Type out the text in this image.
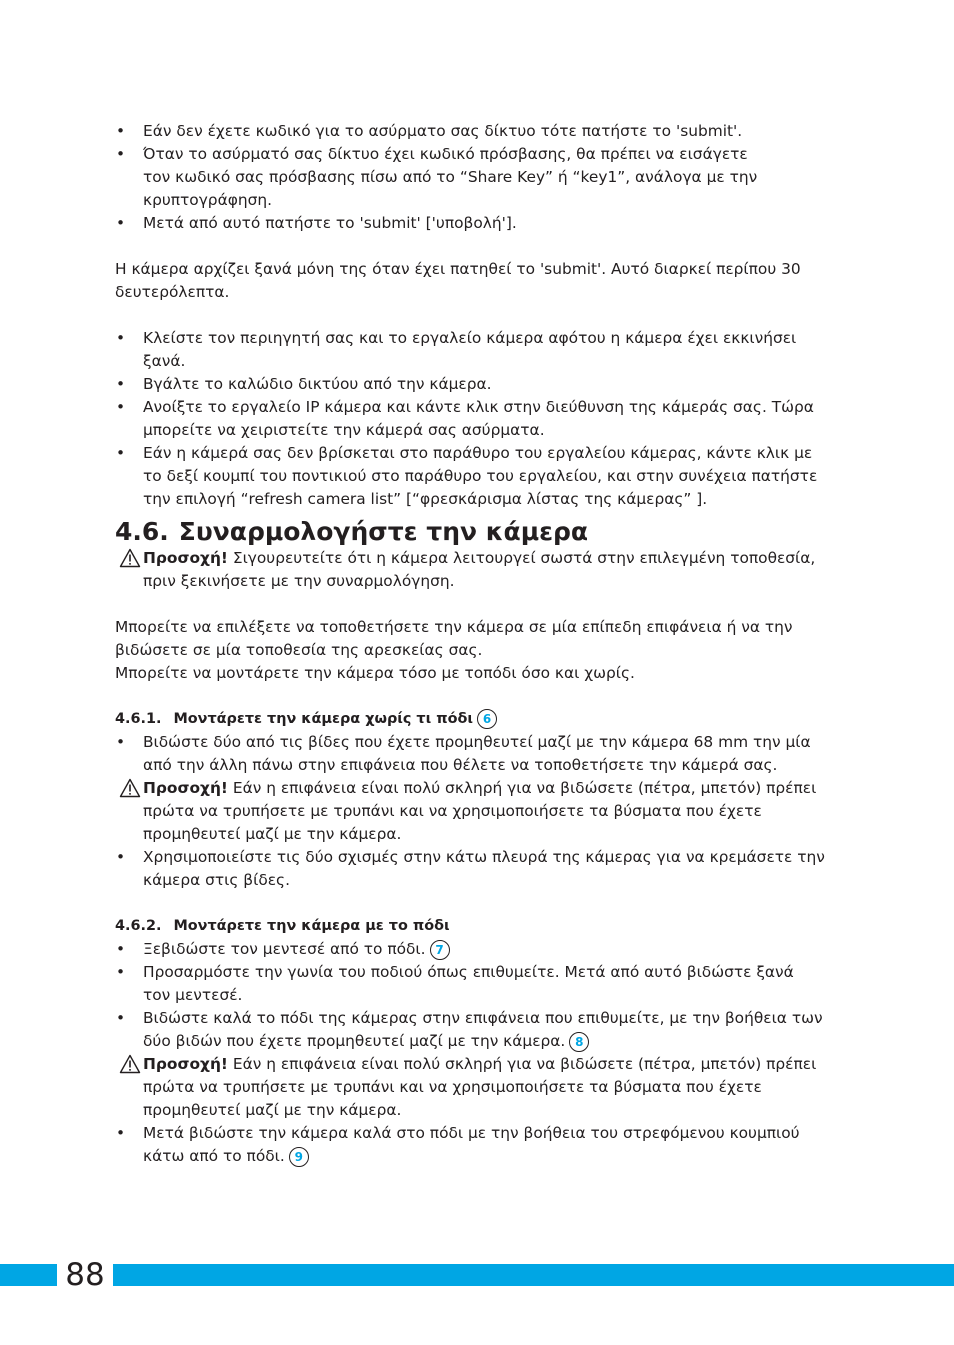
• Εάν δεν έχετε κωδικό για το ασύρματο σας δίκτυο τότε πατήστε το 'submit'.
• Όταν το ασύρματό σας δίκτυο έχει κωδικό πρόσβασης, θα πρέπει να εισάγετε
τον κωδικό σας πρόσβασης πίσω από το “Share Key” ή “key1”, ανάλογα με την
κρυπτογράφηση.
• Μετά από αυτό πατήστε το 'submit' ['υποβολή'].
Η κάμερα αρχίζει ξανά μόνη της όταν έχει πατηθεί το 'submit'. Αυτό διαρκεί περίπου 30
δευτερόλεπτα.
• Κλείστε τον περιηγητή σας και το εργαλείο κάμερα αφότου η κάμερα έχει εκκινήσει
ξανά.
• Βγάλτε το καλώδιο δικτύου από την κάμερα.
• Ανοίξτε το εργαλείο IP κάμερα και κάντε κλικ στην διεύθυνση της κάμεράς σας. Τώρα
μπορείτε να χειριστείτε την κάμερά σας ασύρματα.
• Εάν η κάμερά σας δεν βρίσκεται στο παράθυρο του εργαλείου κάμερας, κάντε κλικ με
το δεξί κουμπί του ποντικιού στο παράθυρο του εργαλείου, και στην συνέχεια πατήστε
την επιλογή “refresh camera list” [“φρεσκάρισμα λίστας της κάμερας” ].
4.6. Συναρμολογήστε την κάμερα
Προσοχή! Σιγουρευτείτε ότι η κάμερα λειτουργεί σωστά στην επιλεγμένη τοποθεσία,
πριν ξεκινήσετε με την συναρμολόγηση.
Μπορείτε να επιλέξετε να τοποθετήσετε την κάμερα σε μία επίπεδη επιφάνεια ή να την
βιδώσετε σε μία τοποθεσία της αρεσκείας σας.
Μπορείτε να μοντάρετε την κάμερα τόσο με τοπόδι όσο και χωρίς.
4.6.1. Μοντάρετε την κάμερα χωρίς τι πόδι 6
• Βιδώστε δύο από τις βίδες που έχετε προμηθευτεί μαζί με την κάμερα 68 mm την μία
από την άλλη πάνω στην επιφάνεια που θέλετε να τοποθετήσετε την κάμερά σας.
Προσοχή! Εάν η επιφάνεια είναι πολύ σκληρή για να βιδώσετε (πέτρα, μπετόν) πρέπει
πρώτα να τρυπήσετε με τρυπάνι και να χρησιμοποιήσετε τα βύσματα που έχετε
προμηθευτεί μαζί με την κάμερα.
• Χρησιμοποιείστε τις δύο σχισμές στην κάτω πλευρά της κάμερας για να κρεμάσετε την
κάμερα στις βίδες.
4.6.2. Μοντάρετε την κάμερα με το πόδι
• Ξεβιδώστε τον μεντεσέ από το πόδι. 7
• Προσαρμόστε την γωνία του ποδιού όπως επιθυμείτε. Μετά από αυτό βιδώστε ξανά
τον μεντεσέ.
• Βιδώστε καλά το πόδι της κάμερας στην επιφάνεια που επιθυμείτε, με την βοήθεια των
δύο βιδών που έχετε προμηθευτεί μαζί με την κάμερα. 8
Προσοχή! Εάν η επιφάνεια είναι πολύ σκληρή για να βιδώσετε (πέτρα, μπετόν) πρέπει
πρώτα να τρυπήσετε με τρυπάνι και να χρησιμοποιήσετε τα βύσματα που έχετε
προμηθευτεί μαζί με την κάμερα.
• Μετά βιδώστε την κάμερα καλά στο πόδι με την βοήθεια του στρεφόμενου κουμπιού
κάτω από το πόδι. 9
88
